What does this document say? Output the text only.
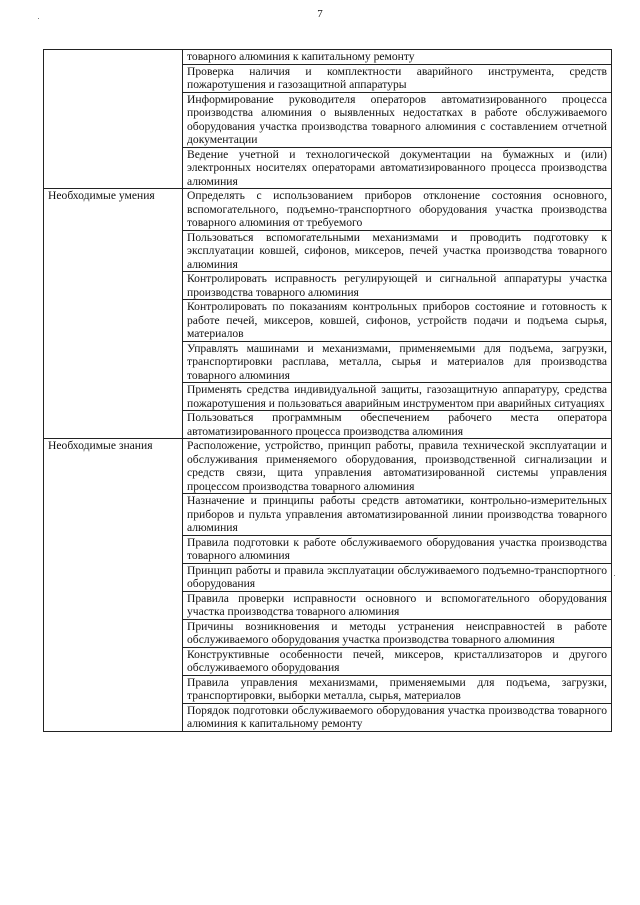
7
	товарного алюминия к капитальному ремонту
	Проверка наличия и комплектности аварийного инструмента, средств пожаротушения и газозащитной аппаратуры
	Информирование руководителя операторов автоматизированного процесса производства алюминия о выявленных недостатках в работе обслуживаемого оборудования участка производства товарного алюминия с составлением отчетной документации
	Ведение учетной и технологической документации на бумажных и (или) электронных носителях операторами автоматизированного процесса производства алюминия
Необходимые умения	Определять с использованием приборов отклонение состояния основного, вспомогательного, подъемно-транспортного оборудования участка производства товарного алюминия от требуемого
	Пользоваться вспомогательными механизмами и проводить подготовку к эксплуатации ковшей, сифонов, миксеров, печей участка производства товарного алюминия
	Контролировать исправность регулирующей и сигнальной аппаратуры участка производства товарного алюминия
	Контролировать по показаниям контрольных приборов состояние и готовность к работе печей, миксеров, ковшей, сифонов, устройств подачи и подъема сырья, материалов
	Управлять машинами и механизмами, применяемыми для подъема, загрузки, транспортировки расплава, металла, сырья и материалов для производства товарного алюминия
	Применять средства индивидуальной защиты, газозащитную аппаратуру, средства пожаротушения и пользоваться аварийным инструментом при аварийных ситуациях
	Пользоваться программным обеспечением рабочего места оператора автоматизированного процесса производства алюминия
Необходимые знания	Расположение, устройство, принцип работы, правила технической эксплуатации и обслуживания применяемого оборудования, производственной сигнализации и средств связи, щита управления автоматизированной системы управления процессом производства товарного алюминия
	Назначение и принципы работы средств автоматики, контрольно-измерительных приборов и пульта управления автоматизированной линии производства товарного алюминия
	Правила подготовки к работе обслуживаемого оборудования участка производства товарного алюминия
	Принцип работы и правила эксплуатации обслуживаемого подъемно-транспортного оборудования
	Правила проверки исправности основного и вспомогательного оборудования участка производства товарного алюминия
	Причины возникновения и методы устранения неисправностей в работе обслуживаемого оборудования участка производства товарного алюминия
	Конструктивные особенности печей, миксеров, кристаллизаторов и другого обслуживаемого оборудования
	Правила управления механизмами, применяемыми для подъема, загрузки, транспортировки, выборки металла, сырья, материалов
	Порядок подготовки обслуживаемого оборудования участка производства товарного алюминия к капитальному ремонту
